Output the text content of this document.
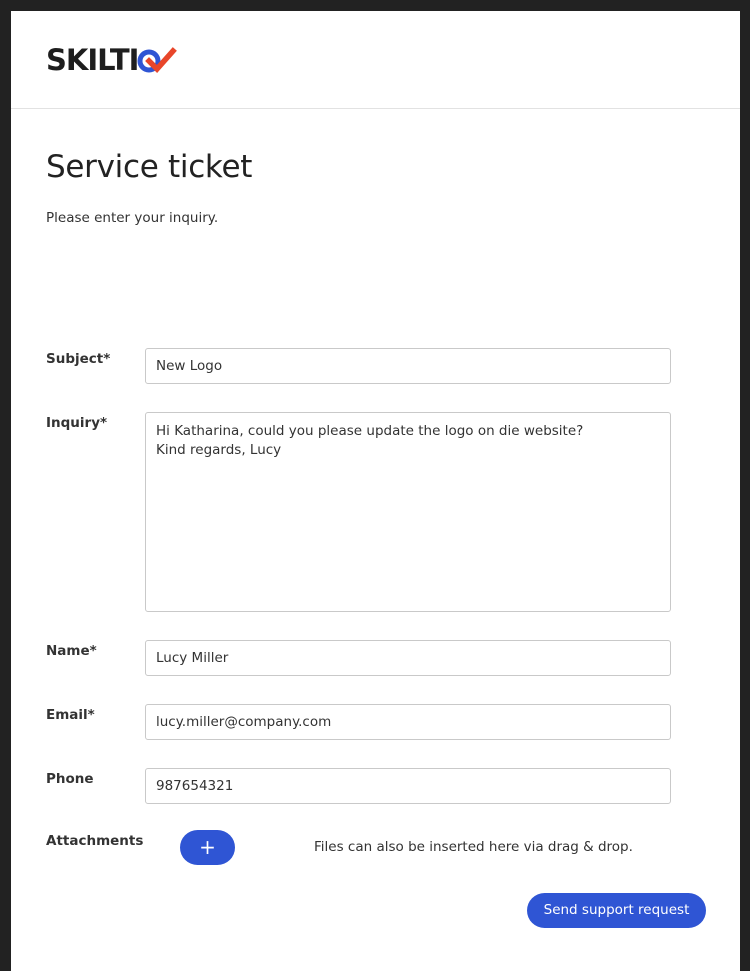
SKILTI
Service ticket

Please enter your inquiry.

Subject*
New Logo
Inquiry*
Hi Katharina, could you please update the logo on die website? Kind regards, Lucy
Name*
Lucy Miller
Email*
lucy.miller@company.com
Phone
987654321
Attachments	+	Files can also be inserted here via drag & drop.
Send support request
